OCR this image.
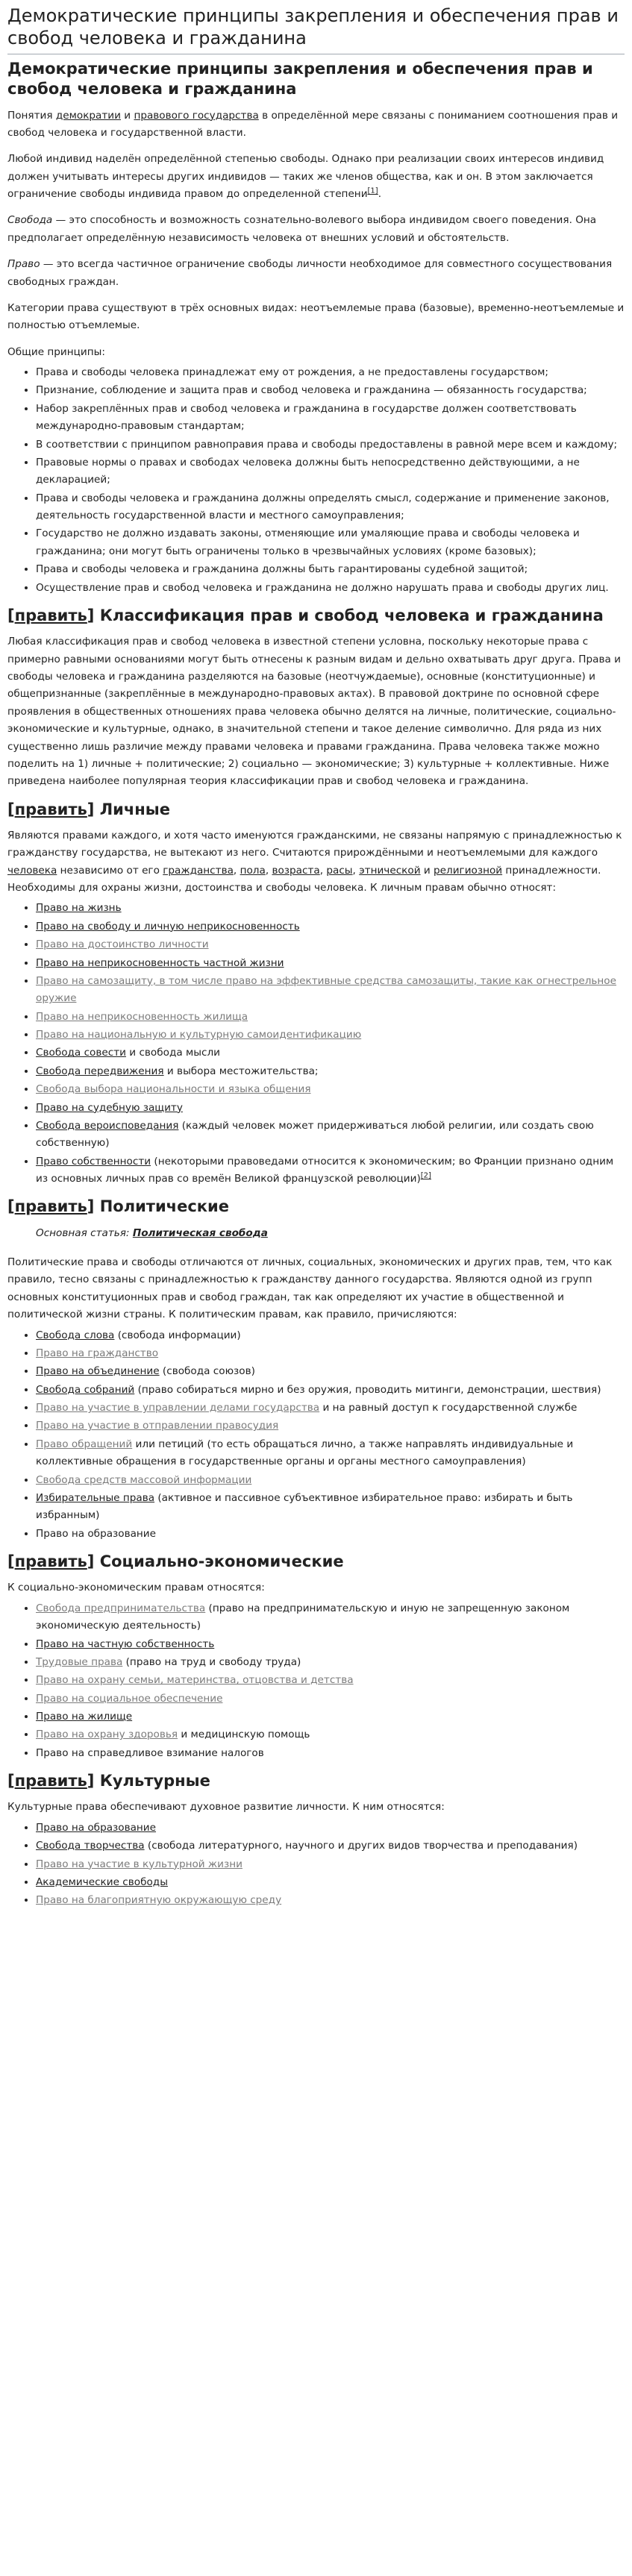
Демократические принципы закрепления и обеспечения прав и свобод человека и гражданина
Демократические принципы закрепления и обеспечения прав и свобод человека и гражданина

Понятия демократии и правового государства в определённой мере связаны с пониманием соотношения прав и свобод человека и государственной власти.

Любой индивид наделён определённой степенью свободы. Однако при реализации своих интересов индивид должен учитывать интересы других индивидов — таких же членов общества, как и он. В этом заключается ограничение свободы индивида правом до определенной степени[1].

Свобода — это способность и возможность сознательно-волевого выбора индивидом своего поведения. Она предполагает определённую независимость человека от внешних условий и обстоятельств.

Право — это всегда частичное ограничение свободы личности необходимое для совместного сосуществования свободных граждан.

Категории права существуют в трёх основных видах: неотъемлемые права (базовые), временно-неотъемлемые и полностью отъемлемые.

Общие принципы:

• Права и свободы человека принадлежат ему от рождения, а не предоставлены государством;
• Признание, соблюдение и защита прав и свобод человека и гражданина — обязанность государства;
• Набор закреплённых прав и свобод человека и гражданина в государстве должен соответствовать международно-правовым стандартам;
• В соответствии с принципом равноправия права и свободы предоставлены в равной мере всем и каждому;
• Правовые нормы о правах и свободах человека должны быть непосредственно действующими, а не декларацией;
• Права и свободы человека и гражданина должны определять смысл, содержание и применение законов, деятельность государственной власти и местного самоуправления;
• Государство не должно издавать законы, отменяющие или умаляющие права и свободы человека и гражданина; они могут быть ограничены только в чрезвычайных условиях (кроме базовых);
• Права и свободы человека и гражданина должны быть гарантированы судебной защитой;
• Осуществление прав и свобод человека и гражданина не должно нарушать права и свободы других лиц.
[править] Классификация прав и свобод человека и гражданина

Любая классификация прав и свобод человека в известной степени условна, поскольку некоторые права с примерно равными основаниями могут быть отнесены к разным видам и дельно охватывать друг друга. Права и свободы человека и гражданина разделяются на базовые (неотчуждаемые), основные (конституционные) и общепризнанные (закреплённые в международно-правовых актах). В правовой доктрине по основной сфере проявления в общественных отношениях права человека обычно делятся на личные, политические, социально-экономические и культурные, однако, в значительной степени и такое деление символично. Для ряда из них существенно лишь различие между правами человека и правами гражданина. Права человека также можно поделить на 1) личные + политические; 2) социально — экономические; 3) культурные + коллективные. Ниже приведена наиболее популярная теория классификации прав и свобод человека и гражданина.

[править] Личные

Являются правами каждого, и хотя часто именуются гражданскими, не связаны напрямую с принадлежностью к гражданству государства, не вытекают из него. Считаются прирождёнными и неотъемлемыми для каждого человека независимо от его гражданства, пола, возраста, расы, этнической и религиозной принадлежности. Необходимы для охраны жизни, достоинства и свободы человека. К личным правам обычно относят:

• Право на жизнь
• Право на свободу и личную неприкосновенность
• Право на достоинство личности
• Право на неприкосновенность частной жизни
• Право на самозащиту, в том числе право на эффективные средства самозащиты, такие как огнестрельное оружие
• Право на неприкосновенность жилища
• Право на национальную и культурную самоидентификацию
• Свобода совести и свобода мысли
• Свобода передвижения и выбора местожительства;
• Свобода выбора национальности и языка общения
• Право на судебную защиту
• Свобода вероисповедания (каждый человек может придерживаться любой религии, или создать свою собственную)
• Право собственности (некоторыми правоведами относится к экономическим; во Франции признано одним из основных личных прав со времён Великой французской революции)[2]
[править] Политические
Основная статья: Политическая свобода

Политические права и свободы отличаются от личных, социальных, экономических и других прав, тем, что как правило, тесно связаны с принадлежностью к гражданству данного государства. Являются одной из групп основных конституционных прав и свобод граждан, так как определяют их участие в общественной и политической жизни страны. К политическим правам, как правило, причисляются:

• Свобода слова (свобода информации)
• Право на гражданство
• Право на объединение (свобода союзов)
• Свобода собраний (право собираться мирно и без оружия, проводить митинги, демонстрации, шествия)
• Право на участие в управлении делами государства и на равный доступ к государственной службе
• Право на участие в отправлении правосудия
• Право обращений или петиций (то есть обращаться лично, а также направлять индивидуальные и коллективные обращения в государственные органы и органы местного самоуправления)
• Свобода средств массовой информации
• Избирательные права (активное и пассивное субъективное избирательное право: избирать и быть избранным)
• Право на образование
[править] Социально-экономические

К социально-экономическим правам относятся:

• Свобода предпринимательства (право на предпринимательскую и иную не запрещенную законом экономическую деятельность)
• Право на частную собственность
• Трудовые права (право на труд и свободу труда)
• Право на охрану семьи, материнства, отцовства и детства
• Право на социальное обеспечение
• Право на жилище
• Право на охрану здоровья и медицинскую помощь
• Право на справедливое взимание налогов
[править] Культурные

Культурные права обеспечивают духовное развитие личности. К ним относятся:

• Право на образование
• Свобода творчества (свобода литературного, научного и других видов творчества и преподавания)
• Право на участие в культурной жизни
• Академические свободы
• Право на благоприятную окружающую среду
